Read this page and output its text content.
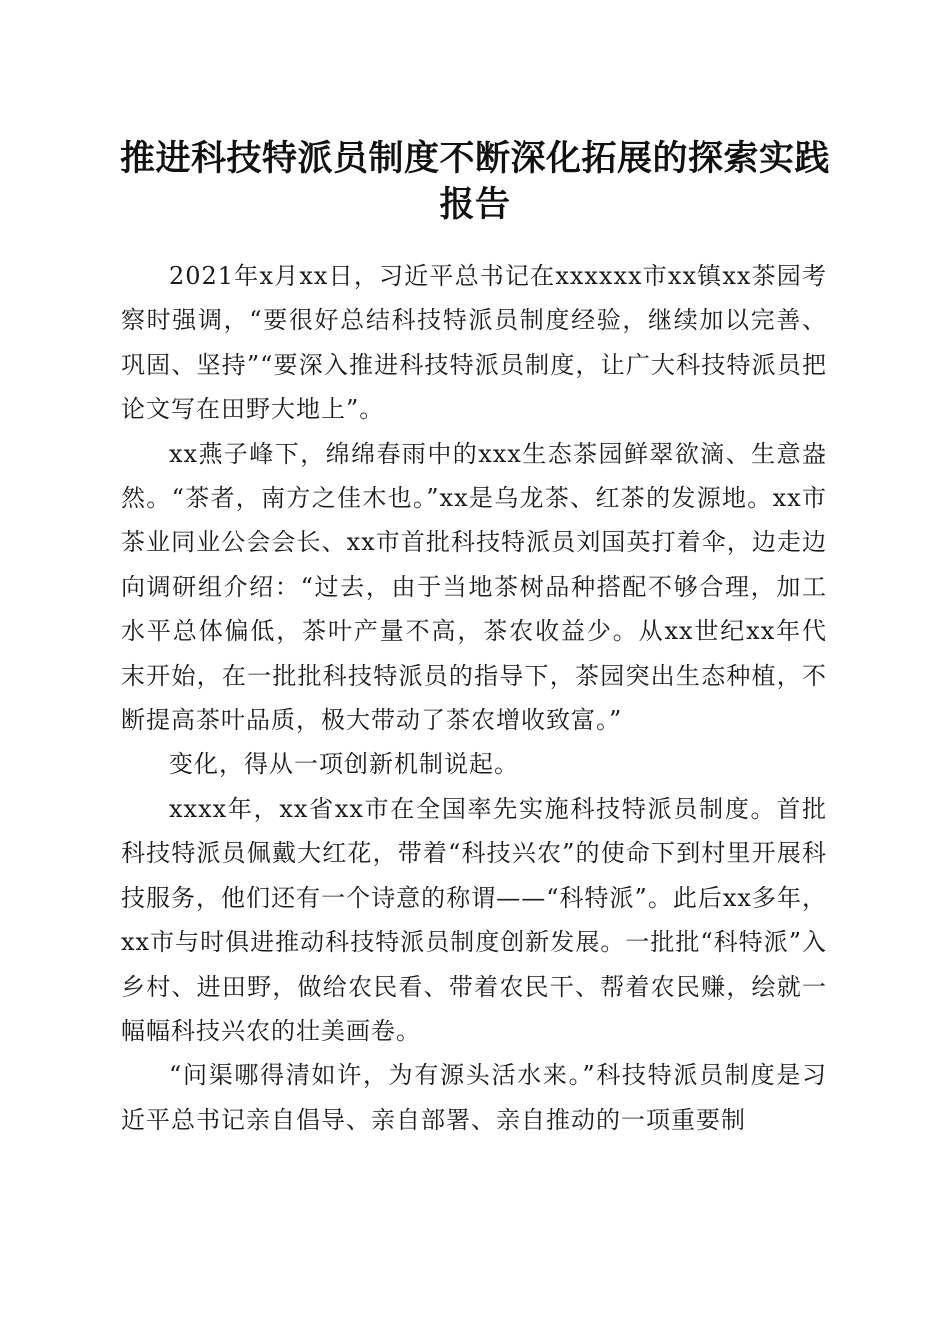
推进科技特派员制度不断深化拓展的探索实践
报告

2021年x月xx日，习近平总书记在xxxxxx市xx镇xx茶园考察时强调，“要很好总结科技特派员制度经验，继续加以完善、巩固、坚持”“要深入推进科技特派员制度，让广大科技特派员把论文写在田野大地上”。

xx燕子峰下，绵绵春雨中的xxx生态茶园鲜翠欲滴、生意盎然。“茶者，南方之佳木也。”xx是乌龙茶、红茶的发源地。xx市茶业同业公会会长、xx市首批科技特派员刘国英打着伞，边走边向调研组介绍：“过去，由于当地茶树品种搭配不够合理，加工水平总体偏低，茶叶产量不高，茶农收益少。从xx世纪xx年代末开始，在一批批科技特派员的指导下，茶园突出生态种植，不断提高茶叶品质，极大带动了茶农增收致富。”

变化，得从一项创新机制说起。

xxxx年，xx省xx市在全国率先实施科技特派员制度。首批科技特派员佩戴大红花，带着“科技兴农”的使命下到村里开展科技服务，他们还有一个诗意的称谓——“科特派”。此后xx多年，xx市与时俱进推动科技特派员制度创新发展。一批批“科特派”入乡村、进田野，做给农民看、带着农民干、帮着农民赚，绘就一幅幅科技兴农的壮美画卷。

“问渠哪得清如许，为有源头活水来。”科技特派员制度是习近平总书记亲自倡导、亲自部署、亲自推动的一项重要制
